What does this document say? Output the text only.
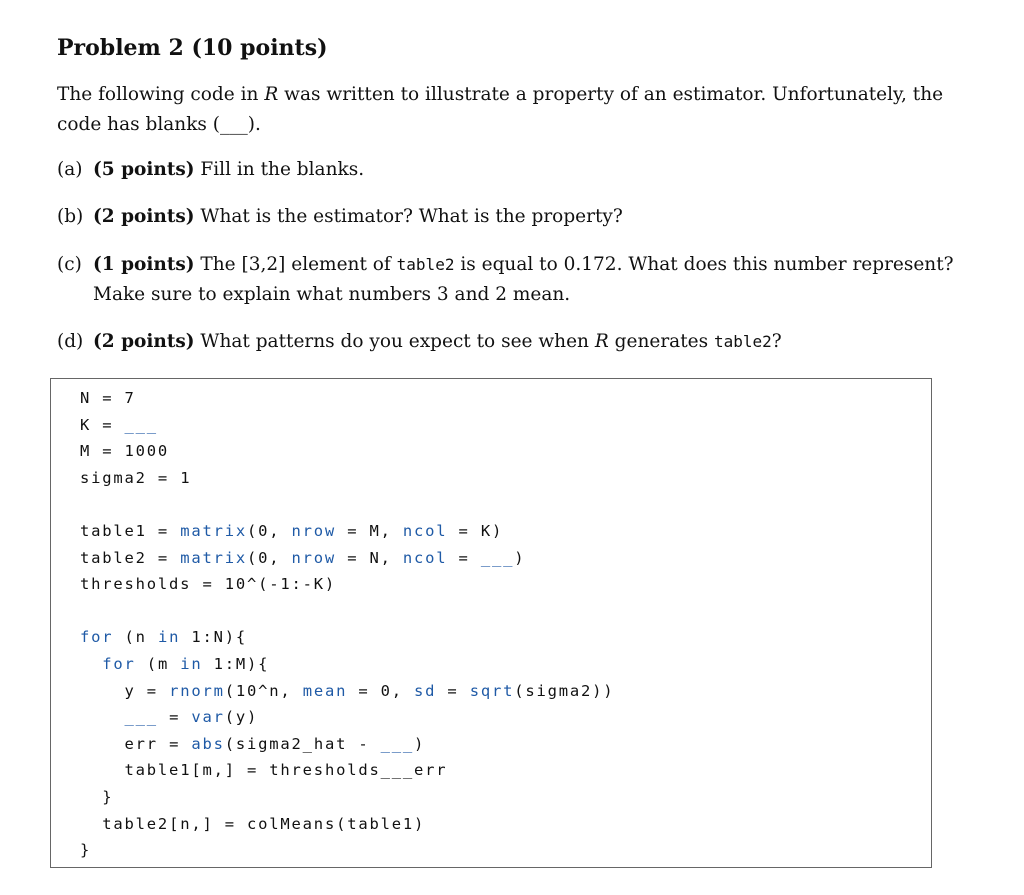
Problem 2 (10 points)
The following code in R was written to illustrate a property of an estimator. Unfortunately, the code has blanks (___).
(a) (5 points) Fill in the blanks.
(b) (2 points) What is the estimator? What is the property?
(c) (1 points) The [3,2] element of table2 is equal to 0.172. What does this number represent?
Make sure to explain what numbers 3 and 2 mean.
(d) (2 points) What patterns do you expect to see when R generates table2?
N = 7
K = ___
M = 1000
sigma2 = 1

table1 = matrix(0, nrow = M, ncol = K)
table2 = matrix(0, nrow = N, ncol = ___)
thresholds = 10^(-1:-K)

for (n in 1:N){
for (m in 1:M){
y = rnorm(10^n, mean = 0, sd = sqrt(sigma2))
___ = var(y)
err = abs(sigma2_hat - ___)
table1[m,] = thresholds___err
}
table2[n,] = colMeans(table1)
}
